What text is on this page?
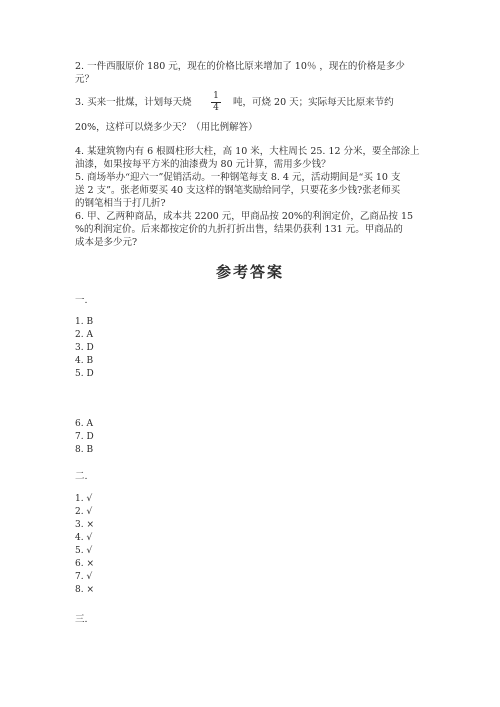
2. 一件西服原价 180 元，现在的价格比原来增加了 10％ ，现在的价格是多少
元？
3. 买来一批煤，计划每天烧 $\frac{1}{4}$ 吨，可烧 20 天；实际每天比原来节约
20%，这样可以烧多少天？（用比例解答）
4. 某建筑物内有 6 根圆柱形大柱，高 10 米，大柱周长 25. 12 分米，要全部涂上
油漆，如果按每平方米的油漆费为 80 元计算，需用多少钱？
5. 商场举办“迎六一”促销活动。一种钢笔每支 8. 4 元，活动期间是“买 10 支
送 2 支”。张老师要买 40 支这样的钢笔奖励给同学，只要花多少钱?张老师买
的钢笔相当于打几折?
6. 甲、乙两种商品，成本共 2200 元，甲商品按 20%的利润定价，乙商品按 15
%的利润定价。后来都按定价的九折打折出售，结果仍获利 131 元。甲商品的
成本是多少元?
参考答案
一.
1. B
2. A
3. D
4. B
5. D
6. A
7. D
8. B
二.
1. √
2. √
3. ×
4. √
5. √
6. ×
7. √
8. ×
三.
